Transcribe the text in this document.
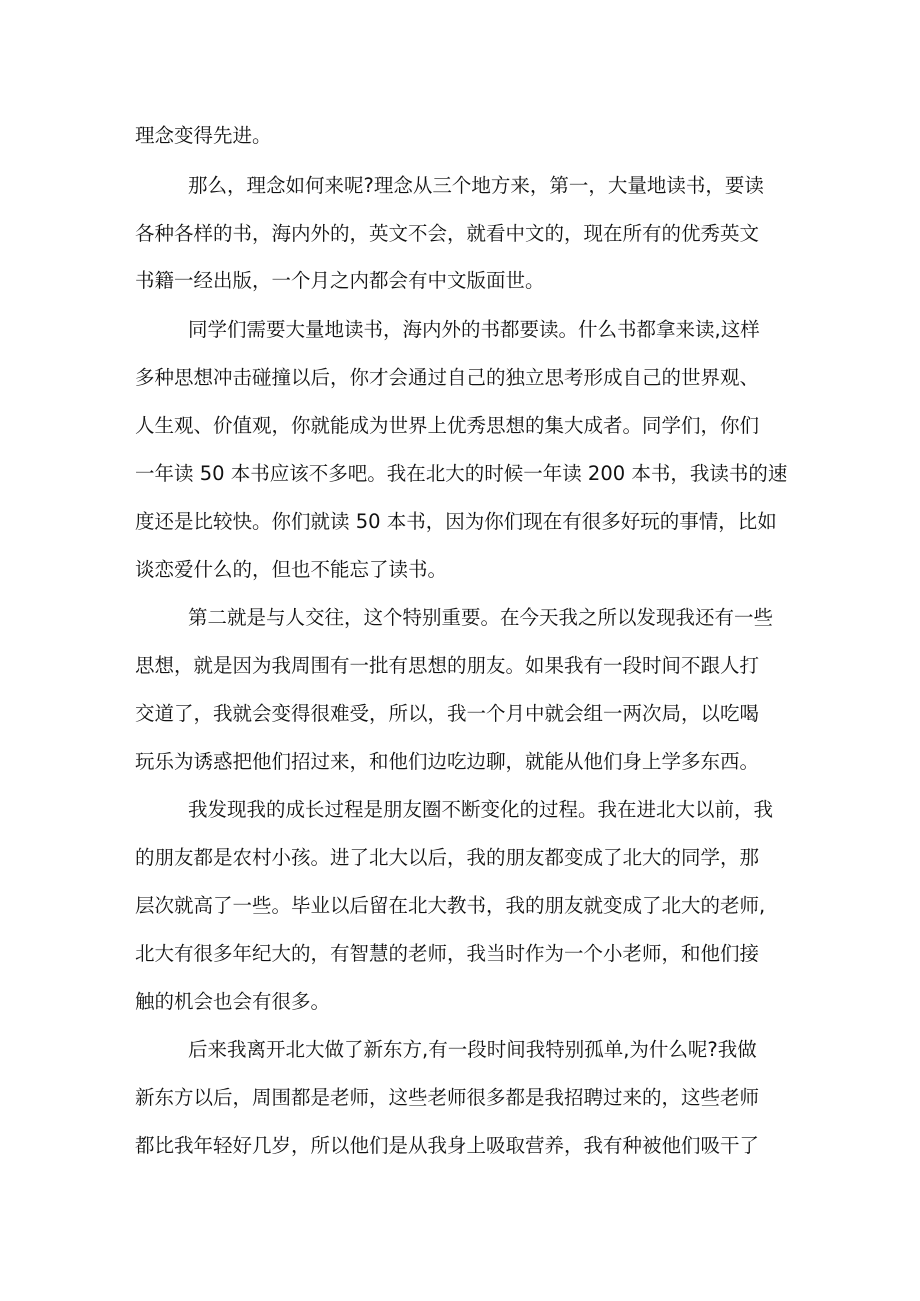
理念变得先进。

那么，理念如何来呢?理念从三个地方来，第一，大量地读书，要读

各种各样的书，海内外的，英文不会，就看中文的，现在所有的优秀英文

书籍一经出版，一个月之内都会有中文版面世。

同学们需要大量地读书，海内外的书都要读。什么书都拿来读,这样

多种思想冲击碰撞以后，你才会通过自己的独立思考形成自己的世界观、

人生观、价值观，你就能成为世界上优秀思想的集大成者。同学们，你们

一年读 50 本书应该不多吧。我在北大的时候一年读 200 本书，我读书的速

度还是比较快。你们就读 50 本书，因为你们现在有很多好玩的事情，比如

谈恋爱什么的，但也不能忘了读书。

第二就是与人交往，这个特别重要。在今天我之所以发现我还有一些

思想，就是因为我周围有一批有思想的朋友。如果我有一段时间不跟人打

交道了，我就会变得很难受，所以，我一个月中就会组一两次局，以吃喝

玩乐为诱惑把他们招过来，和他们边吃边聊，就能从他们身上学多东西。

我发现我的成长过程是朋友圈不断变化的过程。我在进北大以前，我

的朋友都是农村小孩。进了北大以后，我的朋友都变成了北大的同学，那

层次就高了一些。毕业以后留在北大教书，我的朋友就变成了北大的老师,

北大有很多年纪大的，有智慧的老师，我当时作为一个小老师，和他们接

触的机会也会有很多。

后来我离开北大做了新东方,有一段时间我特别孤单,为什么呢?我做

新东方以后，周围都是老师，这些老师很多都是我招聘过来的，这些老师

都比我年轻好几岁，所以他们是从我身上吸取营养，我有种被他们吸干了
